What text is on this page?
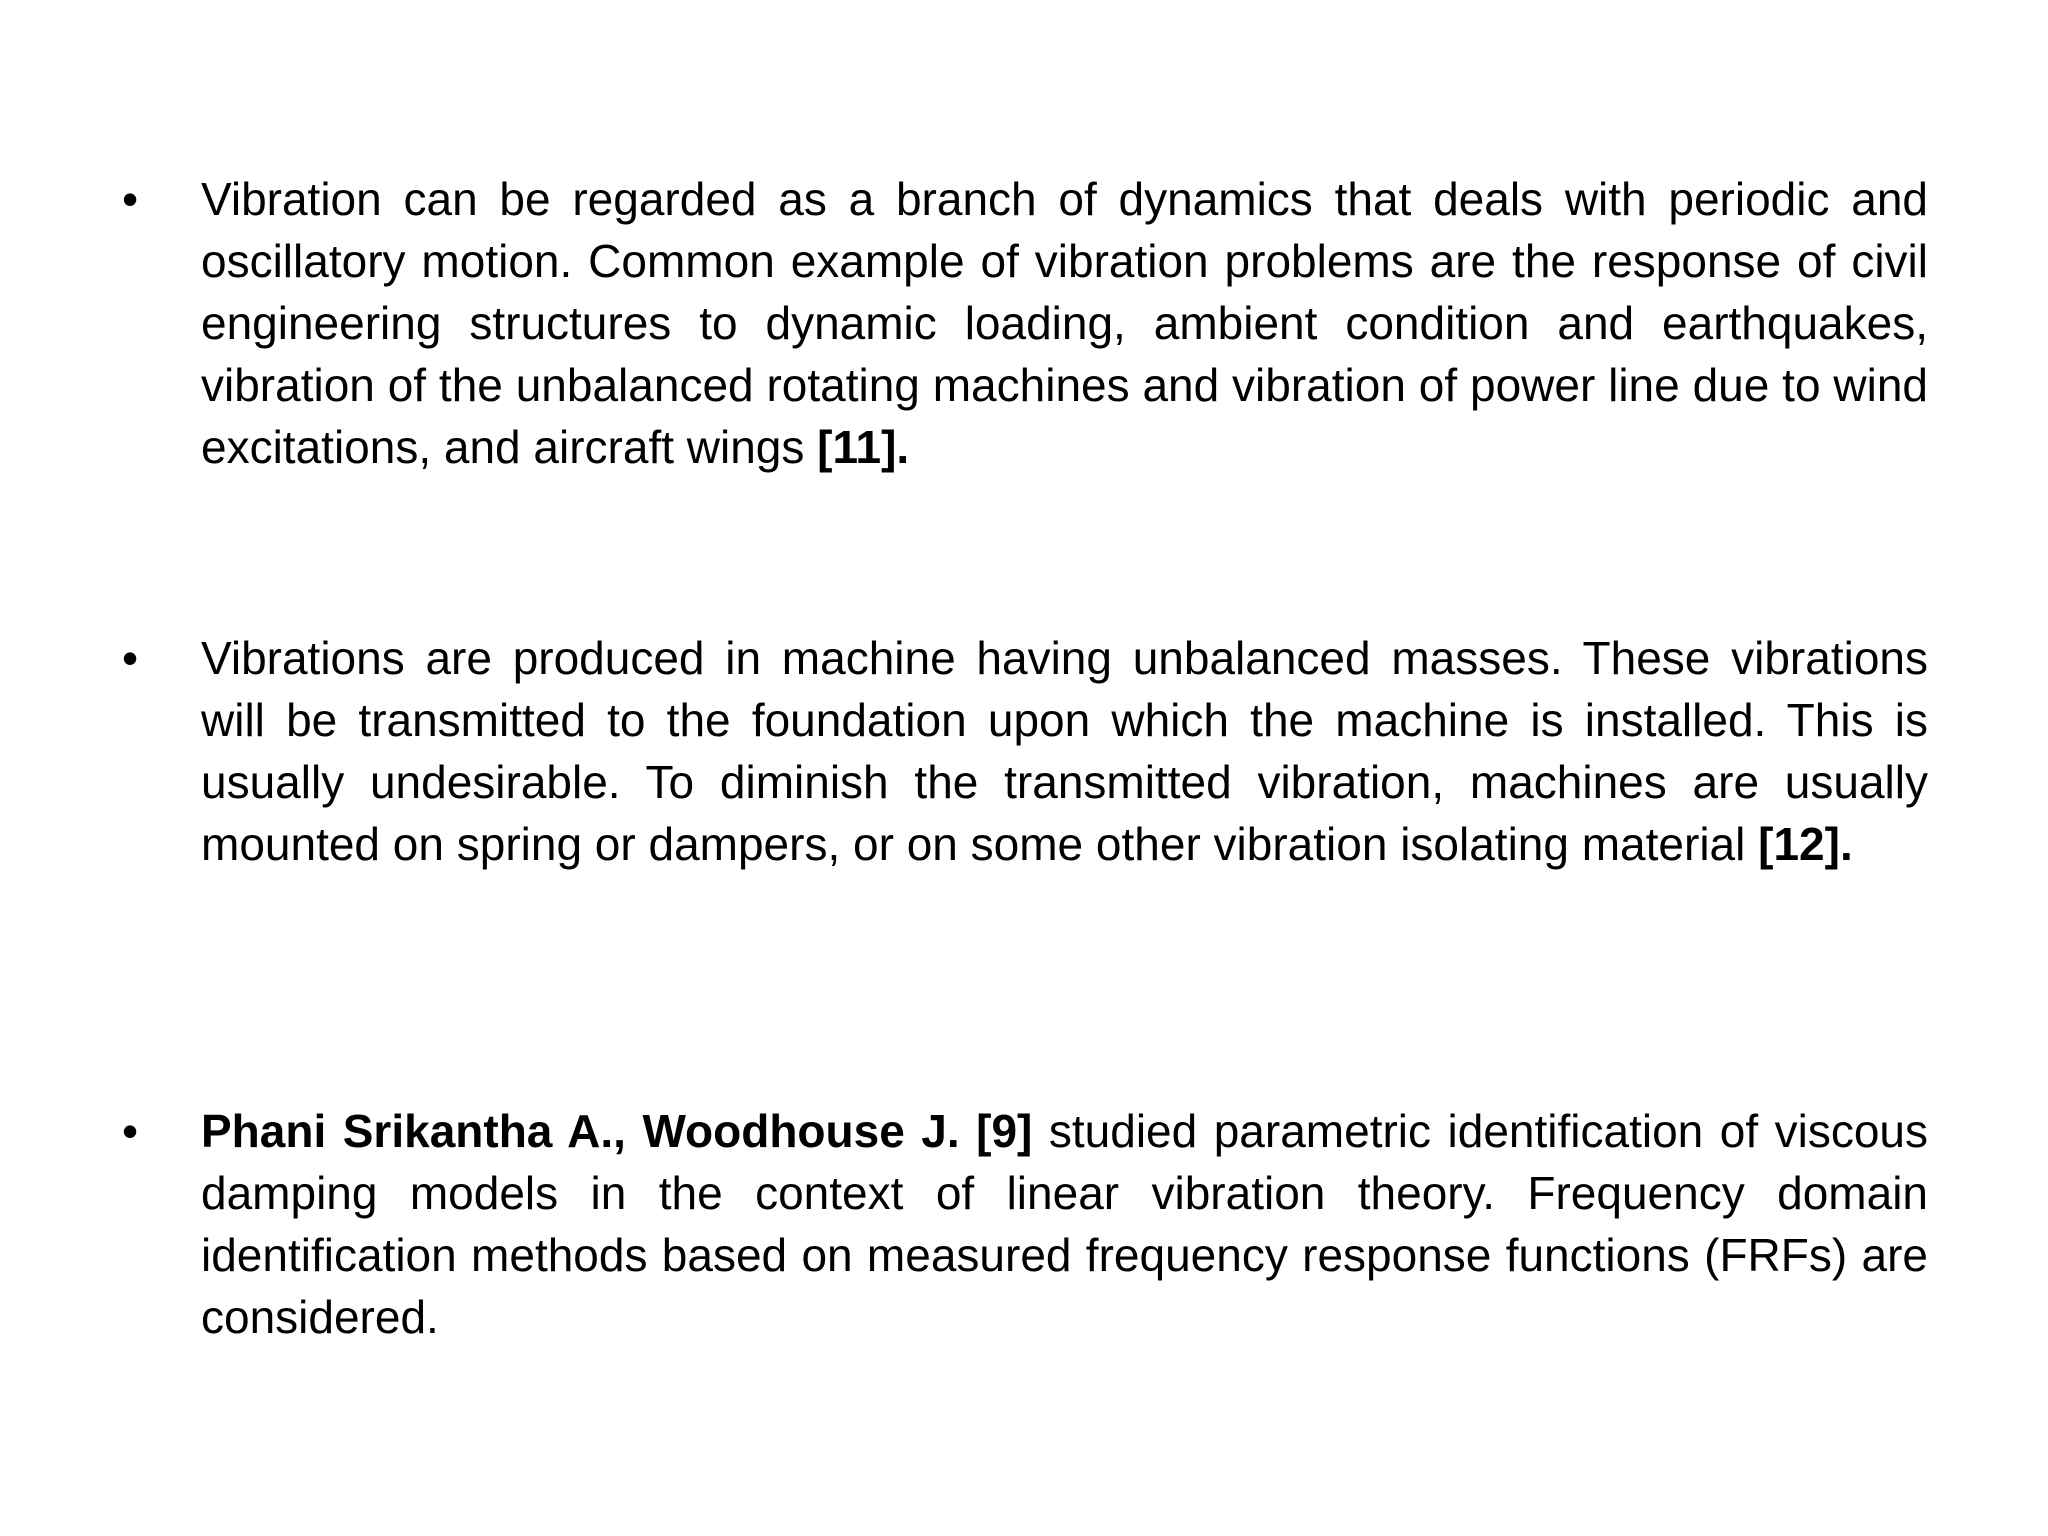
• Vibration can be regarded as a branch of dynamics that deals with periodic and oscillatory motion. Common example of vibration problems are the response of civil engineering structures to dynamic loading, ambient condition and earthquakes, vibration of the unbalanced rotating machines and vibration of power line due to wind excitations, and aircraft wings [11].

• Vibrations are produced in machine having unbalanced masses. These vibrations will be transmitted to the foundation upon which the machine is installed. This is usually undesirable. To diminish the transmitted vibration, machines are usually mounted on spring or dampers, or on some other vibration isolating material [12].

• Phani Srikantha A., Woodhouse J. [9] studied parametric identification of viscous damping models in the context of linear vibration theory. Frequency domain identification methods based on measured frequency response functions (FRFs) are considered.
